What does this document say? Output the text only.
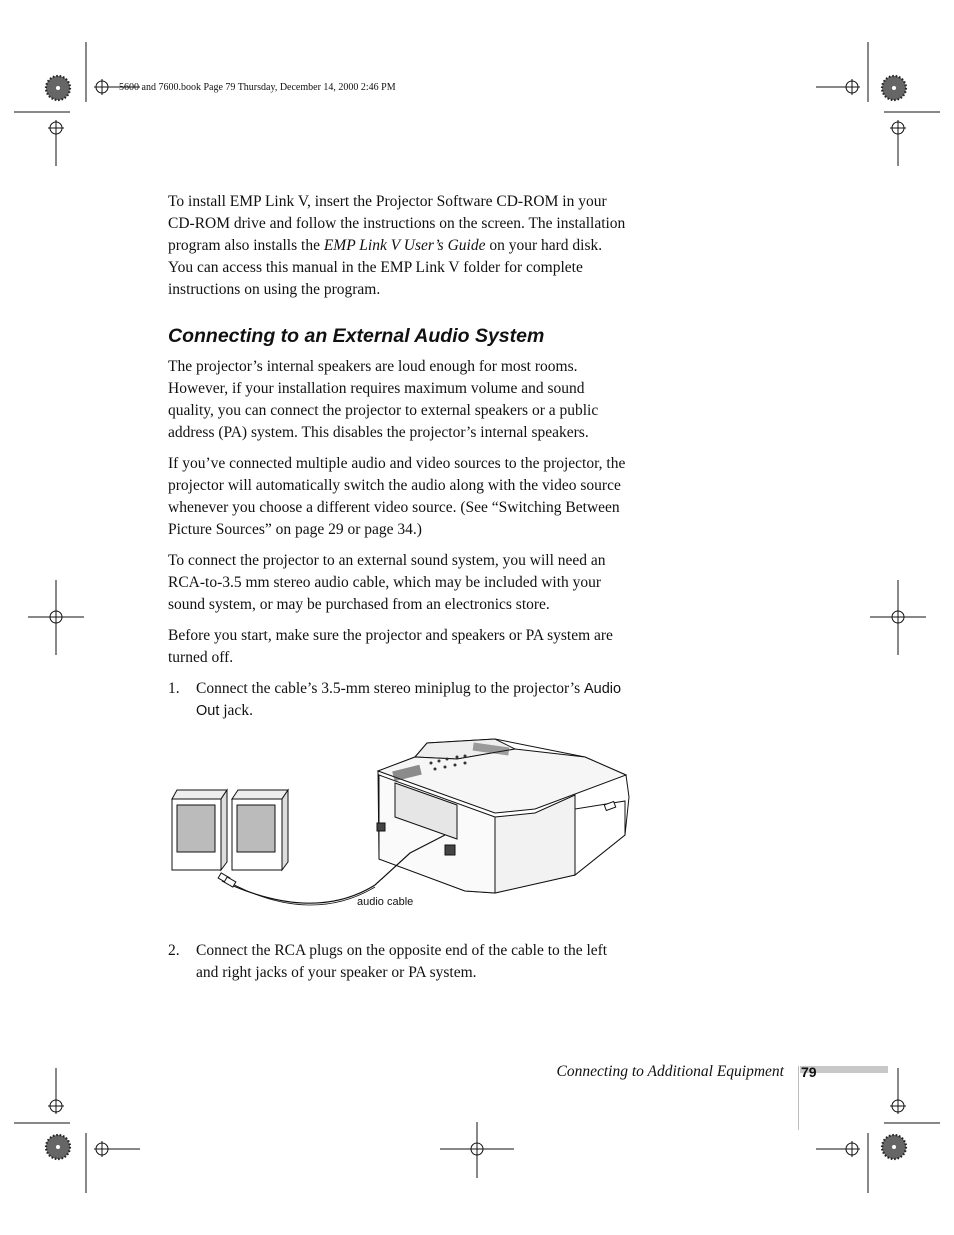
5600 and 7600.book Page 79 Thursday, December 14, 2000 2:46 PM

To install EMP Link V, insert the Projector Software CD-ROM in your CD-ROM drive and follow the instructions on the screen. The installation program also installs the EMP Link V User’s Guide on your hard disk. You can access this manual in the EMP Link V folder for complete instructions on using the program.

Connecting to an External Audio System

The projector’s internal speakers are loud enough for most rooms. However, if your installation requires maximum volume and sound quality, you can connect the projector to external speakers or a public address (PA) system. This disables the projector’s internal speakers.

If you’ve connected multiple audio and video sources to the projector, the projector will automatically switch the audio along with the video source whenever you choose a different video source. (See “Switching Between Picture Sources” on page 29 or page 34.)

To connect the projector to an external sound system, you will need an RCA-to-3.5 mm stereo audio cable, which may be included with your sound system, or may be purchased from an electronics store.

Before you start, make sure the projector and speakers or PA system are turned off.

1. Connect the cable’s 3.5-mm stereo miniplug to the projector’s Audio Out jack.
audio cable
2. Connect the RCA plugs on the opposite end of the cable to the left and right jacks of your speaker or PA system.
Connecting to Additional Equipment 79
